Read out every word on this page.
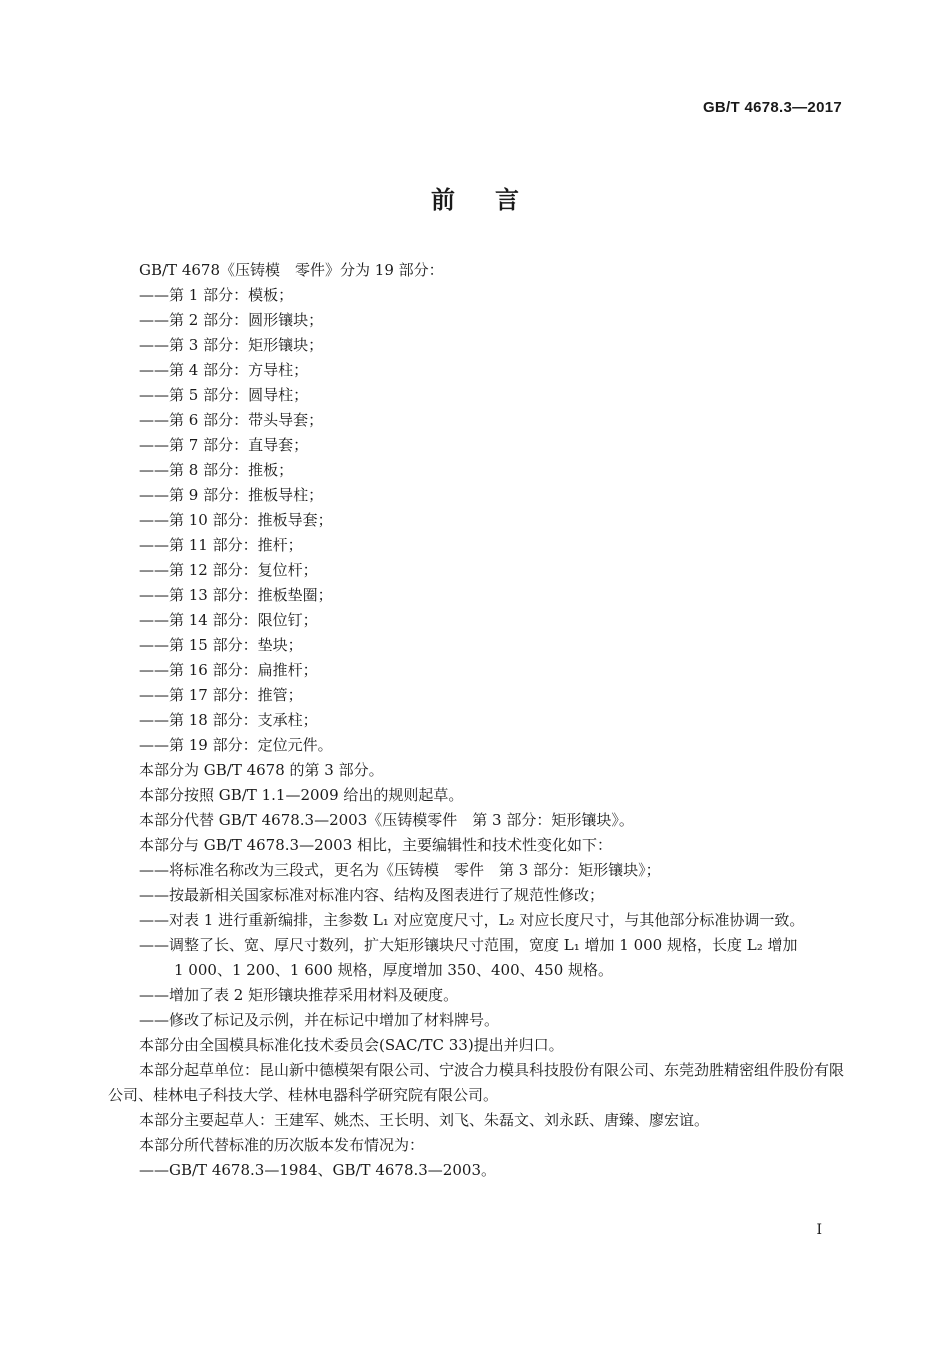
GB/T 4678.3—2017
前言
GB/T 4678《压铸模　零件》分为 19 部分：
——第 1 部分：模板；
——第 2 部分：圆形镶块；
——第 3 部分：矩形镶块；
——第 4 部分：方导柱；
——第 5 部分：圆导柱；
——第 6 部分：带头导套；
——第 7 部分：直导套；
——第 8 部分：推板；
——第 9 部分：推板导柱；
——第 10 部分：推板导套；
——第 11 部分：推杆；
——第 12 部分：复位杆；
——第 13 部分：推板垫圈；
——第 14 部分：限位钉；
——第 15 部分：垫块；
——第 16 部分：扁推杆；
——第 17 部分：推管；
——第 18 部分：支承柱；
——第 19 部分：定位元件。
本部分为 GB/T 4678 的第 3 部分。
本部分按照 GB/T 1.1—2009 给出的规则起草。
本部分代替 GB/T 4678.3—2003《压铸模零件　第 3 部分：矩形镶块》。
本部分与 GB/T 4678.3—2003 相比，主要编辑性和技术性变化如下：
——将标准名称改为三段式，更名为《压铸模　零件　第 3 部分：矩形镶块》；
——按最新相关国家标准对标准内容、结构及图表进行了规范性修改；
——对表 1 进行重新编排，主参数 L₁ 对应宽度尺寸，L₂ 对应长度尺寸，与其他部分标准协调一致。
——调整了长、宽、厚尺寸数列，扩大矩形镶块尺寸范围，宽度 L₁ 增加 1 000 规格，长度 L₂ 增加
1 000、1 200、1 600 规格，厚度增加 350、400、450 规格。
——增加了表 2 矩形镶块推荐采用材料及硬度。
——修改了标记及示例，并在标记中增加了材料牌号。
本部分由全国模具标准化技术委员会(SAC/TC 33)提出并归口。
本部分起草单位：昆山新中德模架有限公司、宁波合力模具科技股份有限公司、东莞劲胜精密组件股份有限公司、桂林电子科技大学、桂林电器科学研究院有限公司。
本部分主要起草人：王建军、姚杰、王长明、刘飞、朱磊文、刘永跃、唐臻、廖宏谊。
本部分所代替标准的历次版本发布情况为：
——GB/T 4678.3—1984、GB/T 4678.3—2003。
I
